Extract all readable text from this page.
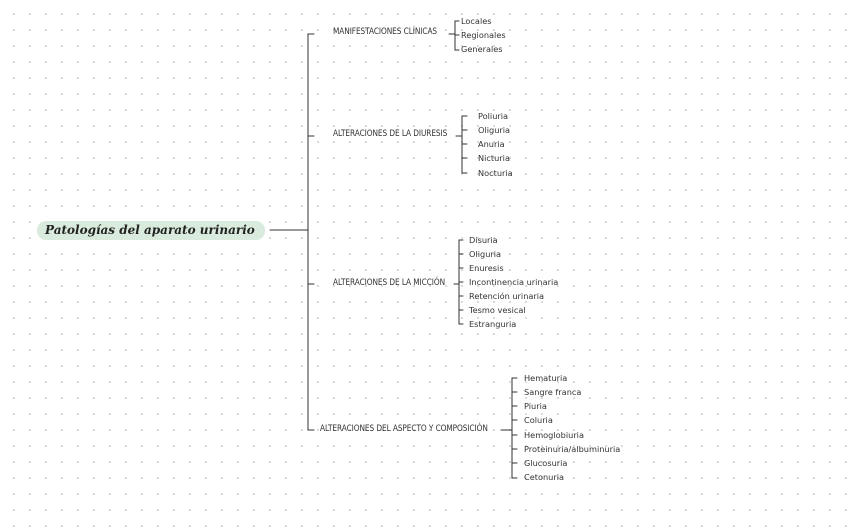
Patologías del aparato urinario
MANIFESTACIONES CLÍNICAS
Locales
Regionales
Generales
ALTERACIONES DE LA DIURESIS
Poliuria
Oliguria
Anuria
Nicturia
Nocturia
ALTERACIONES DE LA MICCIÓN
Disuria
Oliguria
Enuresis
Incontinencia urinaria
Retención urinaria
Tesmo vesical
Estranguria
ALTERACIONES DEL ASPECTO Y COMPOSICIÓN
Hematuria
Sangre franca
Piuria
Coluria
Hemoglobiuria
Proteinuria/albuminuria
Glucosuria
Cetonuria
